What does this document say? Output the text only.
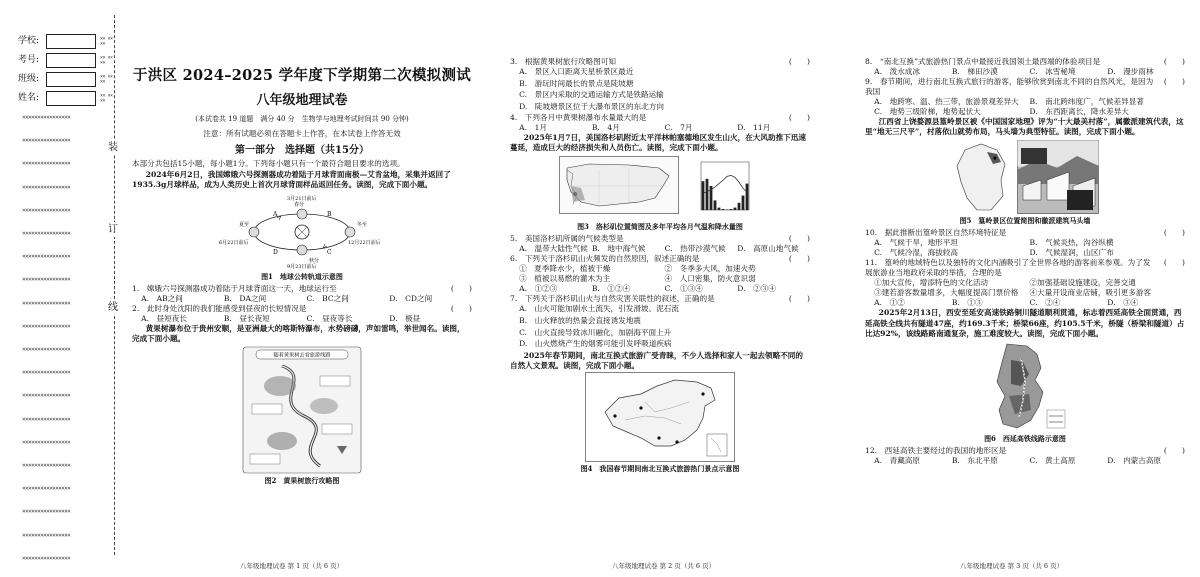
学校:	×× ×× ××
考号:	×× ×× ××
班级:	×× ×× ××
姓名:	×× ×× ××
××××××××××××××××
××××××××××××××××
××××××××××××××××
××××××××××××××××
××××××××××××××××
××××××××××××××××
××××××××××××××××
××××××××××××××××
××××××××××××××××
××××××××××××××××
××××××××××××××××
××××××××××××××××
××××××××××××××××
××××××××××××××××
××××××××××××××××
××××××××××××××××
××××××××××××××××
××××××××××××××××
××××××××××××××××
××××××××××××××××
装
订
线
于洪区 2024–2025 学年度下学期第二次模拟测试
八年级地理试卷

(本试卷共 19 道题　满分 40 分　生物学与地理考试时间共 90 分钟)

注意：所有试题必须在答题卡上作答，在本试卷上作答无效

第一部分　选择题（共15分）

本部分共包括15小题，每小题1分。下列每小题只有一个最符合题目要求的选项。

2024年6月2日，我国嫦娥六号探测器成功着陆于月球背面南极—艾肯盆地，采集并返回了1935.3g月球样品，成为人类历史上首次月球背面样品返回任务。读图，完成下面小题。

3月21日前后
春分
6月22日前后
夏至
12月22日前后
冬至
9月23日前后
秋分
A	B
C
D
图1　地球公转轨道示意图
1.　嫦娥六号探测器成功着陆于月球背面这一天，地球运行至	(　　)
A.　AB之间	B.　DA之间	C.　BC之间	D.　CD之间
2.　此时身处沈阳的我们能感受到昼夜的长短情况是	(　　)
A.　昼短夜长	B.　昼长夜短	C.　昼夜等长	D.　极昼

黄果树瀑布位于贵州安顺，是亚洲最大的喀斯特瀑布，水势磅礴，声如雷鸣，举世闻名。读图，完成下面小题。

随着黄果树去看旅游线路
图2　黄果树旅行攻略图
八年级地理试卷 第 1 页（共 6 页）
3.　根据黄果树旅行攻略图可知	(　　)

A.　景区入口距离天星桥景区最近

B.　游玩时间最长的景点是陡坡塘

C.　景区内采取的交通运输方式是铁路运输

D.　陡坡塘景区位于大瀑布景区的东北方向

4.　下列各月中黄果树瀑布水量最大的是	(　　)
A.　1月	B.　4月	C.　7月	D.　11月

2025年1月7日，美国洛杉矶附近太平洋林帕塞德地区发生山火，在大风助推下迅速蔓延，造成巨大的经济损失和人员伤亡。读图，完成下面小题。

图3　洛杉矶位置简图及多年平均各月气温和降水量图
5.　美国洛杉矶所属的气候类型是	(　　)
A.　温带大陆性气候 B.　地中海气候	C.　热带沙漠气候	D.　高原山地气候
6.　下列关于洛杉矶山火频发的自然原因，叙述正确的是	(　　)
①　夏季降水少，植被干燥	②　冬季多大风，加速火势
③　植被以易燃的灌木为主	④　人口密集，防火意识弱
A.　①②③	B.　①②④	C.　①③④	D.　②③④
7.　下列关于洛杉矶山火与自然灾害关联性的叙述，正确的是	(　　)

A.　山火可能加剧水土流失，引发滑坡、泥石流

B.　山火释放的热量会直接诱发地震

C.　山火直接导致冰川融化，加剧海平面上升

D.　山火燃烧产生的烟雾可能引发呼吸道疾病

2025年春节期间，南北互换式旅游广受青睐，不少人选择和家人一起去领略不同的自然人文景观。读图，完成下面小题。

图4　我国春节期间南北互换式旅游热门景点示意图
八年级地理试卷 第 2 页（共 6 页）
8.　“南北互换”式旅游热门景点中最接近我国领土最西端的体验项目是	(　　)
A.　泼水成冰	B.　梯田沙漠	C.　冰雪秘境	D.　漫步雨林
9.　春节期间，进行南北互换式旅行的游客，能够欣赏到南北不同的自然风光，是因为我国
(　　)
A.　地跨寒、温、热三带，旅游景观差异大	B.　南北跨纬度广，气候差异显著
C.　地势三级阶梯，地势起伏大	D.　东西距离长，降水差异大

江西省上饶婺源县篁岭景区被《中国国家地理》评为“十大最美村落”，属徽派建筑代表，这里“地无三尺平”，村落依山就势布局，马头墙为典型特征。读图，完成下面小题。

图5　篁岭景区位置简图和徽派建筑马头墙
10.　据此推断出篁岭景区自然环境特征是	(　　)
A.　气候干旱，地形平坦	B.　气候炎热，沟谷纵横
C.　气候冷湿，海拔较高	D.　气候湿润，山区广布
11.　篁岭的地域特色以及独特的文化内涵吸引了全世界各地的游客前来参观。为了发展旅游业当地政府采取的举措，合理的是
(　　)
①加大宣传，增添特色的文化活动	②加强基础设施建设，完善交通
③建若游客数量增多，大幅度提高门票价格	④大量开设商业店铺，吸引更多游客
A.　①②	B.　①③	C.　②④	D.　③④

2025年2月13日，西安至延安高速铁路铜川隧道顺利贯通，标志着西延高铁全面贯通，西延高铁全线共有隧道47座，约169.3千米；桥梁66座，约105.5千米，桥隧（桥梁和隧道）占比达92%，该线路路南通复杂，施工难度较大。读图，完成下面小题。

图6　西延高铁线路示意图
12.　西延高铁主要经过的我国的地形区是	(　　)
A.　青藏高原	B.　东北平原	C.　黄土高原	D.　内蒙古高原
八年级地理试卷 第 3 页（共 6 页）
